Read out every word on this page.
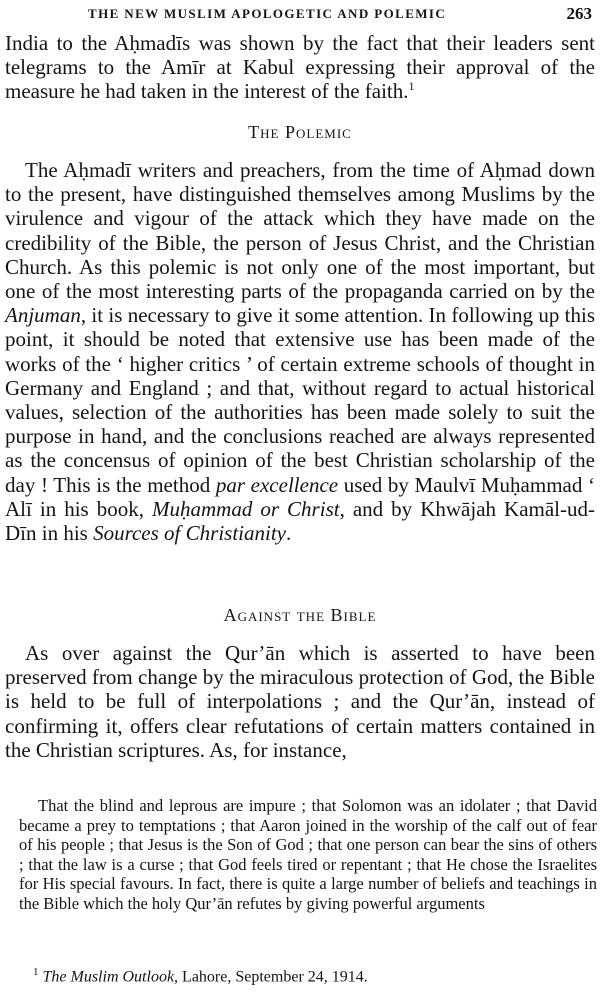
THE NEW MUSLIM APOLOGETIC AND POLEMIC	263

India to the Aḥmadīs was shown by the fact that their leaders sent telegrams to the Amīr at Kabul expressing their approval of the measure he had taken in the interest of the faith.$^1$

The Polemic

The Aḥmadī writers and preachers, from the time of Aḥmad down to the present, have distinguished themselves among Muslims by the virulence and vigour of the attack which they have made on the credibility of the Bible, the person of Jesus Christ, and the Christian Church. As this polemic is not only one of the most important, but one of the most interesting parts of the propaganda carried on by the Anjuman, it is necessary to give it some attention. In following up this point, it should be noted that extensive use has been made of the works of the ‘ higher critics ’ of certain extreme schools of thought in Germany and England ; and that, without regard to actual historical values, selection of the authorities has been made solely to suit the purpose in hand, and the conclusions reached are always represented as the concensus of opinion of the best Christian scholarship of the day ! This is the method par excellence used by Maulvī Muḥammad ‘ Alī in his book, Muḥammad or Christ, and by Khwājah Kamāl-ud-Dīn in his Sources of Christianity.

Against the Bible

As over against the Qur’ān which is asserted to have been preserved from change by the miraculous protection of God, the Bible is held to be full of interpolations ; and the Qur’ān, instead of confirming it, offers clear refutations of certain matters contained in the Christian scriptures. As, for instance,

That the blind and leprous are impure ; that Solomon was an idolater ; that David became a prey to temptations ; that Aaron joined in the worship of the calf out of fear of his people ; that Jesus is the Son of God ; that one person can bear the sins of others ; that the law is a curse ; that God feels tired or repentant ; that He chose the Israelites for His special favours. In fact, there is quite a large number of beliefs and teachings in the Bible which the holy Qur’ān refutes by giving powerful arguments

$^1$ The Muslim Outlook, Lahore, September 24, 1914.
